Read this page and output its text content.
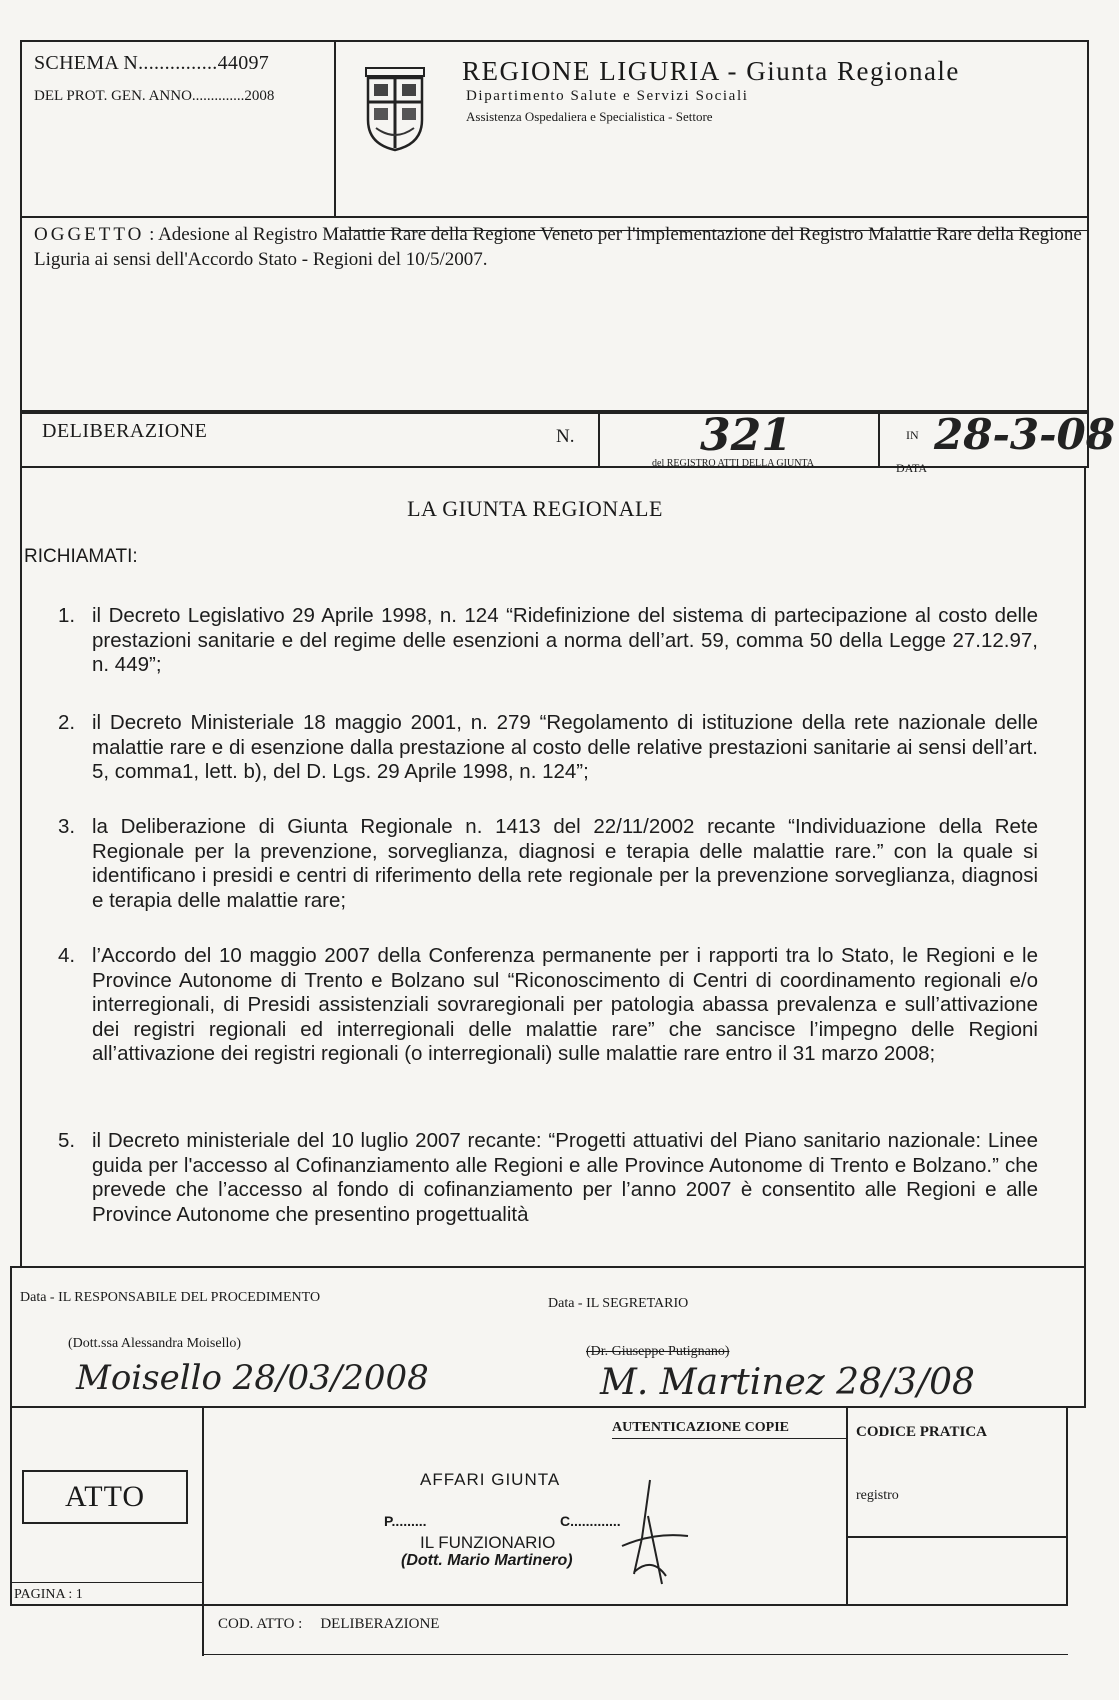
SCHEMA N...............44097
DEL PROT. GEN. ANNO..............2008
REGIONE LIGURIA - Giunta Regionale
Dipartimento Salute e Servizi Sociali
Assistenza Ospedaliera e Specialistica - Settore
OGGETTO : Adesione al Registro Malattie Rare della Regione Veneto per l'implementazione del Registro Malattie Rare della Regione Liguria ai sensi dell'Accordo Stato - Regioni del 10/5/2007.
DELIBERAZIONE	N.	321
del REGISTRO ATTI DELLA GIUNTA
IN
DATA
28-3-08
LA GIUNTA REGIONALE
RICHIAMATI:
1. il Decreto Legislativo 29 Aprile 1998, n. 124 “Ridefinizione del sistema di partecipazione al costo delle prestazioni sanitarie e del regime delle esenzioni a norma dell’art. 59, comma 50 della Legge 27.12.97, n. 449”;
2. il Decreto Ministeriale 18 maggio 2001, n. 279 “Regolamento di istituzione della rete nazionale delle malattie rare e di esenzione dalla prestazione al costo delle relative prestazioni sanitarie ai sensi dell’art. 5, comma1, lett. b), del D. Lgs. 29 Aprile 1998, n. 124”;
3. la Deliberazione di Giunta Regionale n. 1413 del 22/11/2002 recante “Individuazione della Rete Regionale per la prevenzione, sorveglianza, diagnosi e terapia delle malattie rare.” con la quale si identificano i presidi e centri di riferimento della rete regionale per la prevenzione sorveglianza, diagnosi e terapia delle malattie rare;
4. l’Accordo del 10 maggio 2007 della Conferenza permanente per i rapporti tra lo Stato, le Regioni e le Province Autonome di Trento e Bolzano sul “Riconoscimento di Centri di coordinamento regionali e/o interregionali, di Presidi assistenziali sovraregionali per patologia abassa prevalenza e sull’attivazione dei registri regionali ed interregionali delle malattie rare” che sancisce l’impegno delle Regioni all’attivazione dei registri regionali (o interregionali) sulle malattie rare entro il 31 marzo 2008;
5. il Decreto ministeriale del 10 luglio 2007 recante: “Progetti attuativi del Piano sanitario nazionale: Linee guida per l'accesso al Cofinanziamento alle Regioni e alle Province Autonome di Trento e Bolzano.” che prevede che l’accesso al fondo di cofinanziamento per l’anno 2007 è consentito alle Regioni e alle Province Autonome che presentino progettualità
Data - IL RESPONSABILE DEL PROCEDIMENTO
(Dott.ssa Alessandra Moisello)
Moisello 28/03/2008
Data - IL SEGRETARIO
(Dr. Giuseppe Putignano)
M. Martinez 28/3/08
ATTO
PAGINA : 1
AFFARI GIUNTA
P.........	C.............
IL FUNZIONARIO
(Dott. Mario Martinero)
AUTENTICAZIONE COPIE	CODICE PRATICA
registro
COD. ATTO : DELIBERAZIONE
